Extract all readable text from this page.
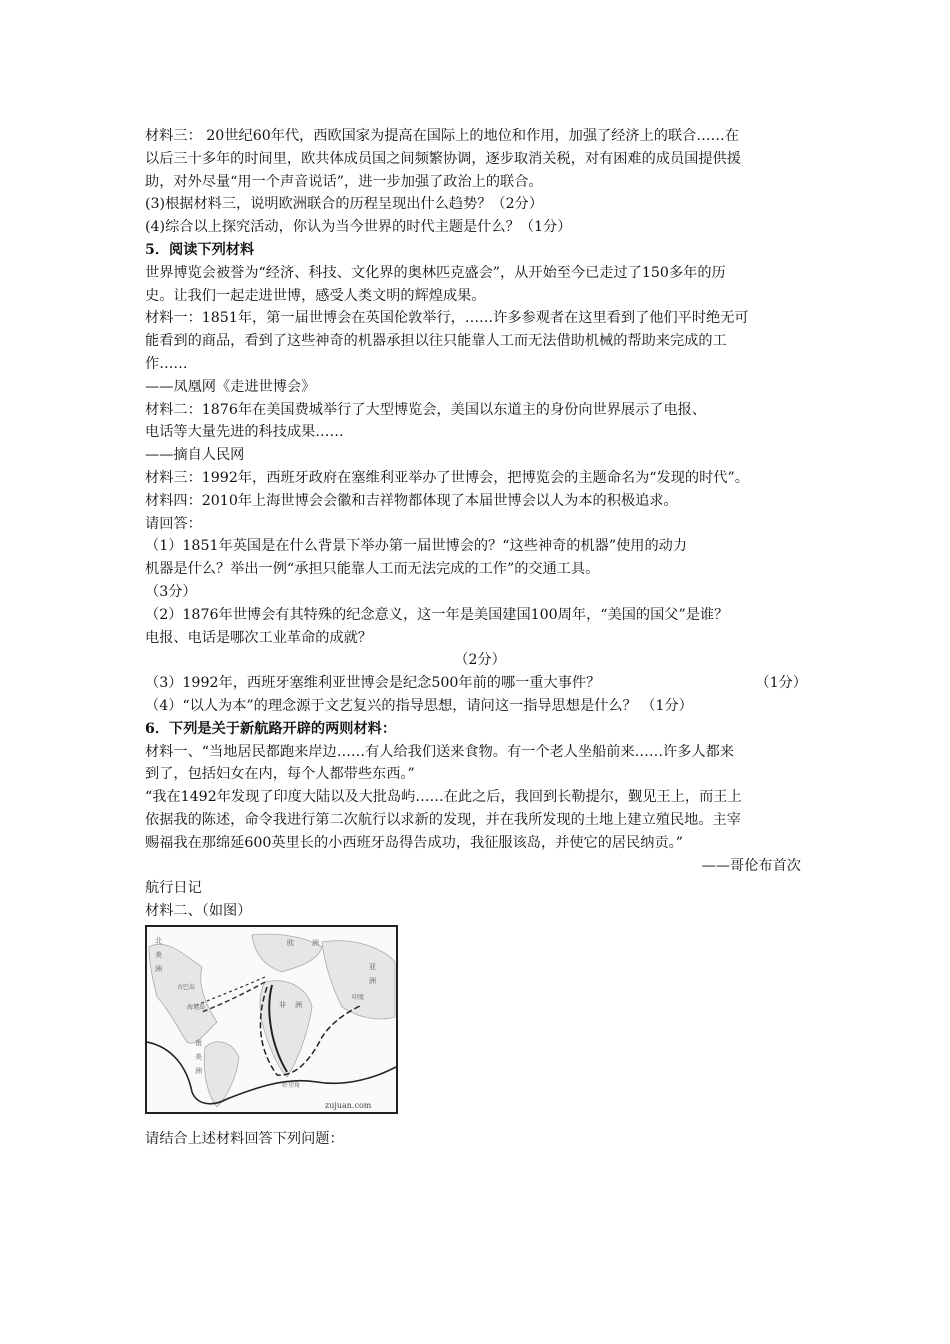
材料三： 20世纪60年代，西欧国家为提高在国际上的地位和作用，加强了经济上的联合……在
以后三十多年的时间里，欧共体成员国之间频繁协调，逐步取消关税，对有困难的成员国提供援
助，对外尽量“用一个声音说话”，进一步加强了政治上的联合。
(3)根据材料三，说明欧洲联合的历程呈现出什么趋势？（2分）
(4)综合以上探究活动，你认为当今世界的时代主题是什么？（1分）
5．阅读下列材料
世界博览会被誉为“经济、科技、文化界的奥林匹克盛会”，从开始至今已走过了150多年的历
史。让我们一起走进世博，感受人类文明的辉煌成果。
材料一：1851年，第一届世博会在英国伦敦举行，……许多参观者在这里看到了他们平时绝无可
能看到的商品，看到了这些神奇的机器承担以往只能靠人工而无法借助机械的帮助来完成的工
作……
——凤凰网《走进世博会》
材料二：1876年在美国费城举行了大型博览会，美国以东道主的身份向世界展示了电报、
电话等大量先进的科技成果……
——摘自人民网
材料三：1992年，西班牙政府在塞维利亚举办了世博会，把博览会的主题命名为“发现的时代”。
材料四：2010年上海世博会会徽和吉祥物都体现了本届世博会以人为本的积极追求。
请回答：
（1）1851年英国是在什么背景下举办第一届世博会的？“这些神奇的机器”使用的动力
机器是什么？举出一例“承担只能靠人工而无法完成的工作”的交通工具。
（3分）
（2）1876年世博会有其特殊的纪念意义，这一年是美国建国100周年，“美国的国父”是谁？
电报、电话是哪次工业革命的成就？
（2分）
（3）1992年，西班牙塞维利亚世博会是纪念500年前的哪一重大事件？	（1分）
（4）“以人为本”的理念源于文艺复兴的指导思想，请问这一指导思想是什么？ （1分）
6．下列是关于新航路开辟的两则材料：
材料一、“当地居民都跑来岸边……有人给我们送来食物。有一个老人坐船前来……许多人都来
到了，包括妇女在内，每个人都带些东西。”
“我在1492年发现了印度大陆以及大批岛屿……在此之后，我回到长勒提尔，觐见王上，而王上
依据我的陈述，命令我进行第二次航行以求新的发现，并在我所发现的土地上建立殖民地。主宰
赐福我在那绵延600英里长的小西班牙岛得告成功，我征服该岛，并使它的居民纳贡。”
——哥伦布首次
航行日记
材料二、（如图）
北
美
洲
欧	洲
亚
洲
非 洲
南
美
洲
古巴岛
海地岛
好望角
印度
zujuan.com
请结合上述材料回答下列问题：
